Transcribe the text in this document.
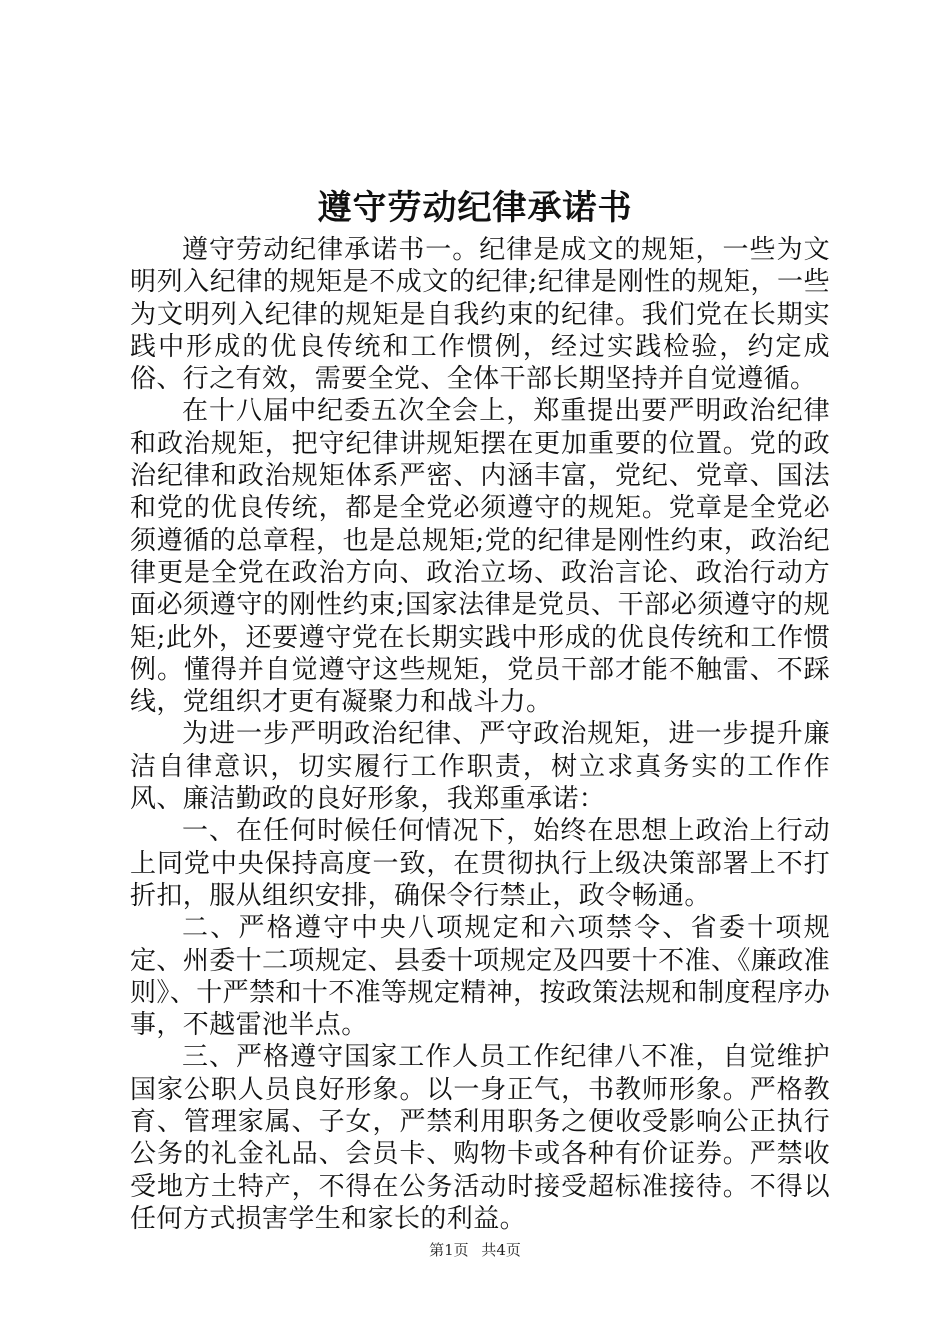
遵守劳动纪律承诺书

遵守劳动纪律承诺书一。纪律是成文的规矩，一些为文明列入纪律的规矩是不成文的纪律;纪律是刚性的规矩，一些为文明列入纪律的规矩是自我约束的纪律。我们党在长期实践中形成的优良传统和工作惯例，经过实践检验，约定成俗、行之有效，需要全党、全体干部长期坚持并自觉遵循。

在十八届中纪委五次全会上，郑重提出要严明政治纪律和政治规矩，把守纪律讲规矩摆在更加重要的位置。党的政治纪律和政治规矩体系严密、内涵丰富，党纪、党章、国法和党的优良传统，都是全党必须遵守的规矩。党章是全党必须遵循的总章程，也是总规矩;党的纪律是刚性约束，政治纪律更是全党在政治方向、政治立场、政治言论、政治行动方面必须遵守的刚性约束;国家法律是党员、干部必须遵守的规矩;此外，还要遵守党在长期实践中形成的优良传统和工作惯例。懂得并自觉遵守这些规矩，党员干部才能不触雷、不踩线，党组织才更有凝聚力和战斗力。

为进一步严明政治纪律、严守政治规矩，进一步提升廉洁自律意识，切实履行工作职责，树立求真务实的工作作风、廉洁勤政的良好形象，我郑重承诺：

一、在任何时候任何情况下，始终在思想上政治上行动上同党中央保持高度一致，在贯彻执行上级决策部署上不打折扣，服从组织安排，确保令行禁止，政令畅通。

二、严格遵守中央八项规定和六项禁令、省委十项规定、州委十二项规定、县委十项规定及四要十不准、《廉政准则》、十严禁和十不准等规定精神，按政策法规和制度程序办事，不越雷池半点。

三、严格遵守国家工作人员工作纪律八不准，自觉维护国家公职人员良好形象。以一身正气，书教师形象。严格教育、管理家属、子女，严禁利用职务之便收受影响公正执行公务的礼金礼品、会员卡、购物卡或各种有价证券。严禁收受地方土特产，不得在公务活动时接受超标准接待。不得以任何方式损害学生和家长的利益。

第1页 共4页
